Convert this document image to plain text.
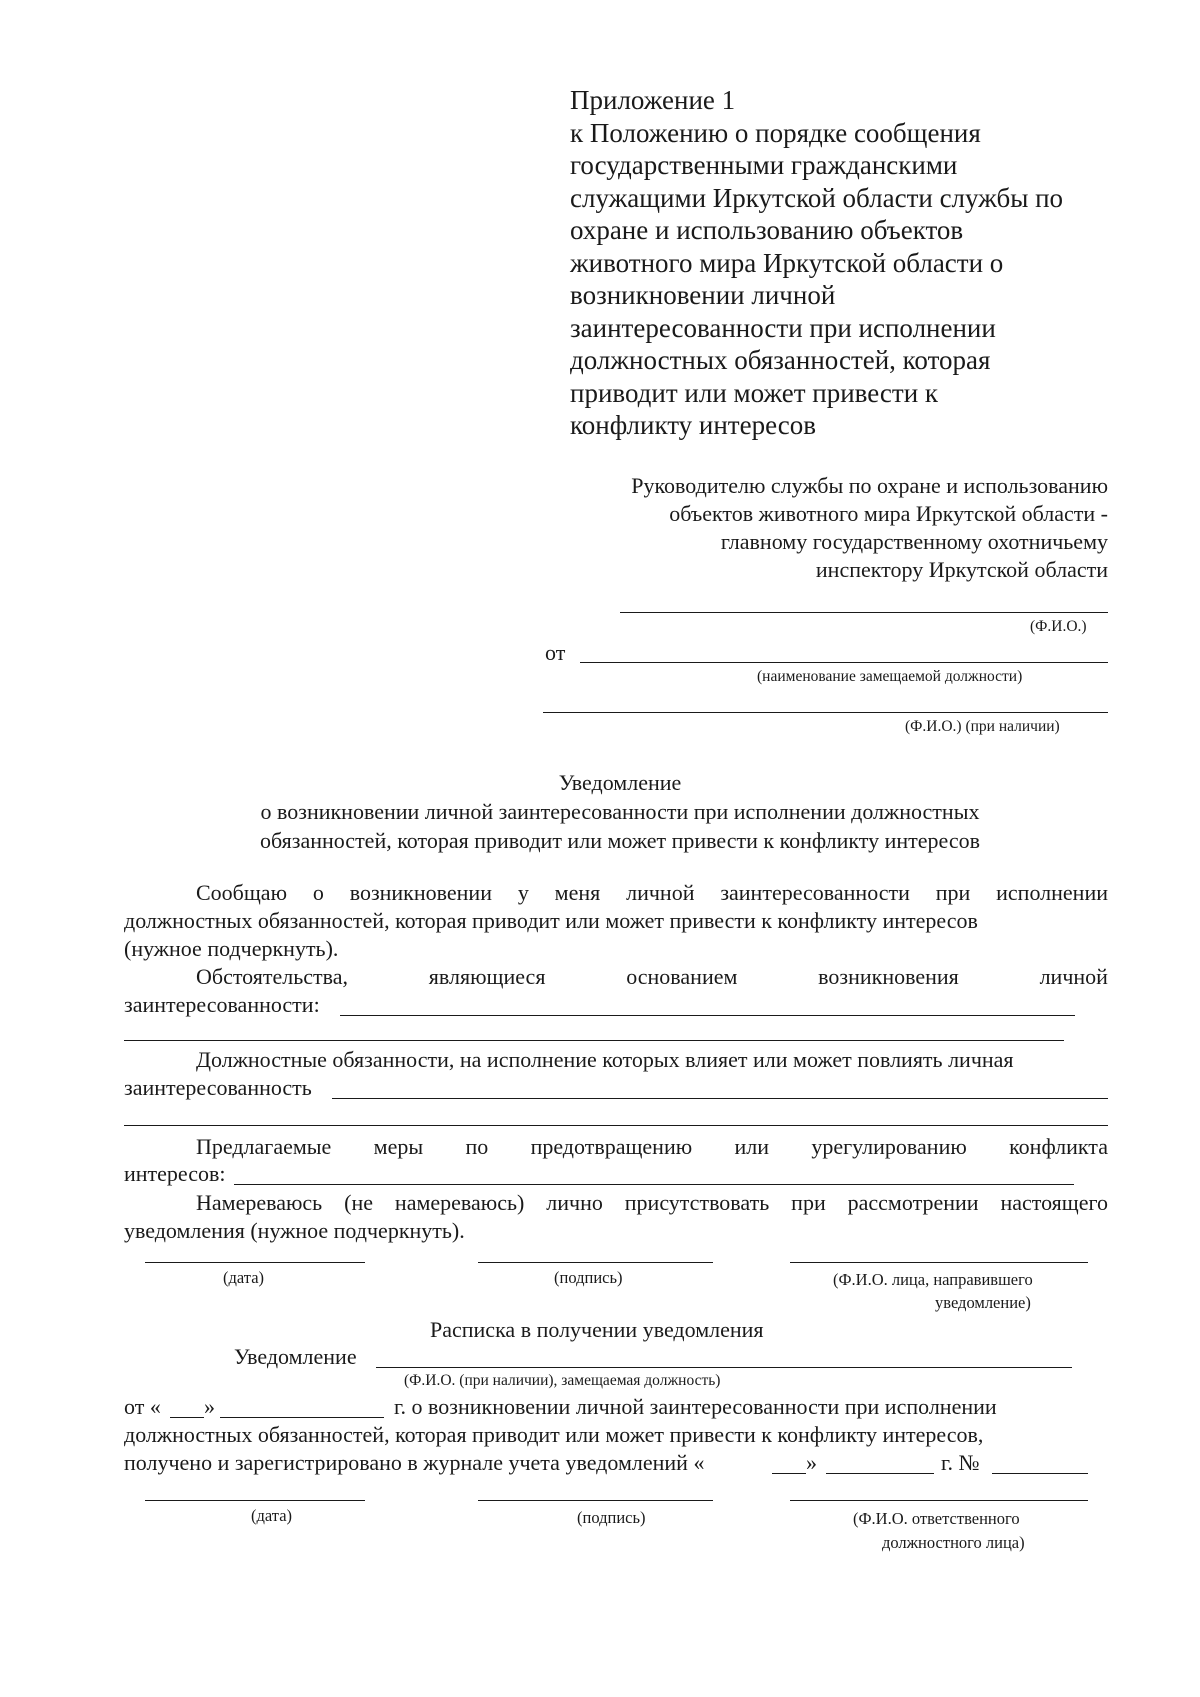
Приложение 1
к Положению о порядке сообщения
государственными гражданскими
служащими Иркутской области службы по
охране и использованию объектов
животного мира Иркутской области о
возникновении личной
заинтересованности при исполнении
должностных обязанностей, которая
приводит или может привести к
конфликту интересов
Руководителю службы по охране и использованию
объектов животного мира Иркутской области -
главному государственному охотничьему
инспектору Иркутской области
(Ф.И.О.)
от
(наименование замещаемой должности)
(Ф.И.О.) (при наличии)
Уведомление
о возникновении личной заинтересованности при исполнении должностных
обязанностей, которая приводит или может привести к конфликту интересов
Сообщаю о возникновении у меня личной заинтересованности при исполнении
должностных обязанностей, которая приводит или может привести к конфликту интересов
(нужное подчеркнуть).
Обстоятельства,	являющиеся	основанием	возникновения	личной
заинтересованности:
Должностные обязанности, на исполнение которых влияет или может повлиять личная
заинтересованность
Предлагаемые меры по предотвращению или урегулированию конфликта
интересов:
Намереваюсь (не намереваюсь) лично присутствовать при рассмотрении настоящего
уведомления (нужное подчеркнуть).
(дата)	(подпись)	(Ф.И.О. лица, направившего
уведомление)
Расписка в получении уведомления
Уведомление
(Ф.И.О. (при наличии), замещаемая должность)
от « »	г. о возникновении личной заинтересованности при исполнении
должностных обязанностей, которая приводит или может привести к конфликту интересов,
получено и зарегистрировано в журнале учета уведомлений «	»	г. №
(дата)	(подпись)	(Ф.И.О. ответственного
должностного лица)
